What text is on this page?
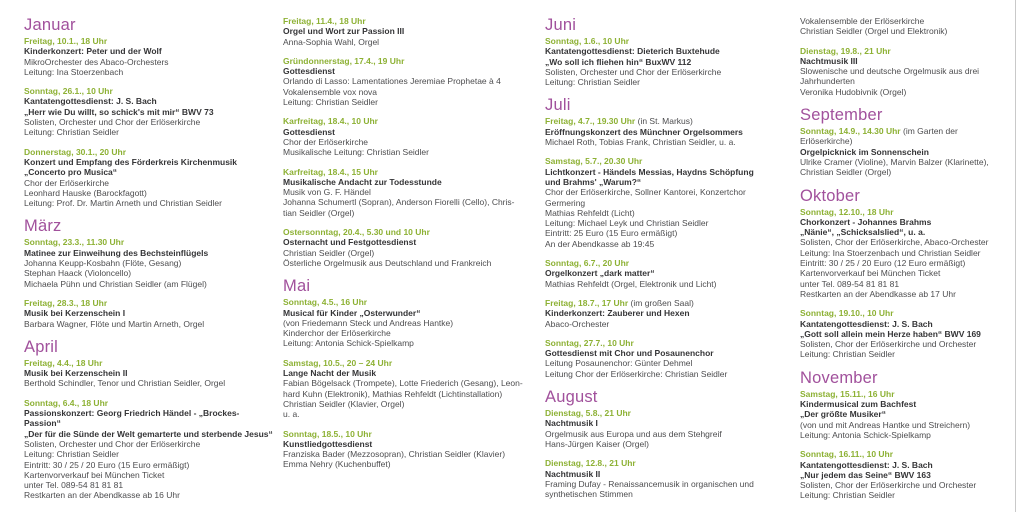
Januar
Freitag, 10.1., 18 Uhr
Kinderkonzert: Peter und der Wolf
MikroOrchester des Abaco-Orchesters
Leitung: Ina Stoerzenbach
Sonntag, 26.1., 10 Uhr
Kantatengottesdienst: J. S. Bach
„Herr wie Du willt, so schick's mit mir“ BWV 73
Solisten, Orchester und Chor der Erlöserkirche
Leitung: Christian Seidler
Donnerstag, 30.1., 20 Uhr
Konzert und Empfang des Förderkreis Kirchenmusik
„Concerto pro Musica“
Chor der Erlöserkirche
Leonhard Hauske (Barockfagott)
Leitung: Prof. Dr. Martin Arneth und Christian Seidler
März
Sonntag, 23.3., 11.30 Uhr
Matinee zur Einweihung des Bechsteinflügels
Johanna Keupp-Kosbahn (Flöte, Gesang)
Stephan Haack (Violoncello)
Michaela Pühn und Christian Seidler (am Flügel)
Freitag, 28.3., 18 Uhr
Musik bei Kerzenschein I
Barbara Wagner, Flöte und Martin Arneth, Orgel
April
Freitag, 4.4., 18 Uhr
Musik bei Kerzenschein II
Berthold Schindler, Tenor und Christian Seidler, Orgel
Sonntag, 6.4., 18 Uhr
Passionskonzert: Georg Friedrich Händel - „Brockes-Passion“
„Der für die Sünde der Welt gemarterte und sterbende Jesus“
Solisten, Orchester und Chor der Erlöserkirche
Leitung: Christian Seidler
Eintritt: 30 / 25 / 20 Euro (15 Euro ermäßigt)
Kartenvorverkauf bei München Ticket
unter Tel. 089-54 81 81 81
Restkarten an der Abendkasse ab 16 Uhr
Freitag, 11.4., 18 Uhr
Orgel und Wort zur Passion III
Anna-Sophia Wahl, Orgel
Gründonnerstag, 17.4., 19 Uhr
Gottesdienst
Orlando di Lasso: Lamentationes Jeremiae Prophetae à 4
Vokalensemble vox nova
Leitung: Christian Seidler
Karfreitag, 18.4., 10 Uhr
Gottesdienst
Chor der Erlöserkirche
Musikalische Leitung: Christian Seidler
Karfreitag, 18.4., 15 Uhr
Musikalische Andacht zur Todesstunde
Musik von G. F. Händel
Johanna Schumertl (Sopran), Anderson Fiorelli (Cello), Chris-
tian Seidler (Orgel)
Ostersonntag, 20.4., 5.30 und 10 Uhr
Osternacht und Festgottesdienst
Christian Seidler (Orgel)
Österliche Orgelmusik aus Deutschland und Frankreich
Mai
Sonntag, 4.5., 16 Uhr
Musical für Kinder „Osterwunder“
(von Friedemann Steck und Andreas Hantke)
Kinderchor der Erlöserkirche
Leitung: Antonia Schick-Spielkamp
Samstag, 10.5., 20 – 24 Uhr
Lange Nacht der Musik
Fabian Bögelsack (Trompete), Lotte Friederich (Gesang), Leon-
hard Kuhn (Elektronik), Mathias Rehfeldt (Lichtinstallation)
Christian Seidler (Klavier, Orgel)
u. a.
Sonntag, 18.5., 10 Uhr
Kunstliedgottesdienst
Franziska Bader (Mezzosopran), Christian Seidler (Klavier)
Emma Nehry (Kuchenbuffet)
Juni
Sonntag, 1.6., 10 Uhr
Kantatengottesdienst: Dieterich Buxtehude
„Wo soll ich fliehen hin“ BuxWV 112
Solisten, Orchester und Chor der Erlöserkirche
Leitung: Christian Seidler
Juli
Freitag, 4.7., 19.30 Uhr (in St. Markus)
Eröffnungskonzert des Münchner Orgelsommers
Michael Roth, Tobias Frank, Christian Seidler, u. a.
Samstag, 5.7., 20.30 Uhr
Lichtkonzert - Händels Messias, Haydns Schöpfung
und Brahms' „Warum?“
Chor der Erlöserkirche, Sollner Kantorei, Konzertchor
Germering
Mathias Rehfeldt (Licht)
Leitung: Michael Leyk und Christian Seidler
Eintritt: 25 Euro (15 Euro ermäßigt)
An der Abendkasse ab 19:45
Sonntag, 6.7., 20 Uhr
Orgelkonzert „dark matter“
Mathias Rehfeldt (Orgel, Elektronik und Licht)
Freitag, 18.7., 17 Uhr (im großen Saal)
Kinderkonzert: Zauberer und Hexen
Abaco-Orchester
Sonntag, 27.7., 10 Uhr
Gottesdienst mit Chor und Posaunenchor
Leitung Posaunenchor: Günter Dehmel
Leitung Chor der Erlöserkirche: Christian Seidler
August
Dienstag, 5.8., 21 Uhr
Nachtmusik I
Orgelmusik aus Europa und aus dem Stehgreif
Hans-Jürgen Kaiser (Orgel)
Dienstag, 12.8., 21 Uhr
Nachtmusik II
Framing Dufay - Renaissancemusik in organischen und
synthetischen Stimmen
Vokalensemble der Erlöserkirche
Christian Seidler (Orgel und Elektronik)
Dienstag, 19.8., 21 Uhr
Nachtmusik III
Slowenische und deutsche Orgelmusik aus drei
Jahrhunderten
Veronika Hudobivnik (Orgel)
September
Sonntag, 14.9., 14.30 Uhr (im Garten der Erlöserkirche)
Orgelpicknick im Sonnenschein
Ulrike Cramer (Violine), Marvin Balzer (Klarinette),
Christian Seidler (Orgel)
Oktober
Sonntag, 12.10., 18 Uhr
Chorkonzert - Johannes Brahms
„Nänie“, „Schicksalslied“, u. a.
Solisten, Chor der Erlöserkirche, Abaco-Orchester
Leitung: Ina Stoerzenbach und Christian Seidler
Eintritt: 30 / 25 / 20 Euro (12 Euro ermäßigt)
Kartenvorverkauf bei München Ticket
unter Tel. 089-54 81 81 81
Restkarten an der Abendkasse ab 17 Uhr
Sonntag, 19.10., 10 Uhr
Kantatengottesdienst: J. S. Bach
„Gott soll allein mein Herze haben“ BWV 169
Solisten, Chor der Erlöserkirche und Orchester
Leitung: Christian Seidler
November
Samstag, 15.11., 16 Uhr
Kindermusical zum Bachfest
„Der größte Musiker“
(von und mit Andreas Hantke und Streichern)
Leitung: Antonia Schick-Spielkamp
Sonntag, 16.11., 10 Uhr
Kantatengottesdienst: J. S. Bach
„Nur jedem das Seine“ BWV 163
Solisten, Chor der Erlöserkirche und Orchester
Leitung: Christian Seidler
